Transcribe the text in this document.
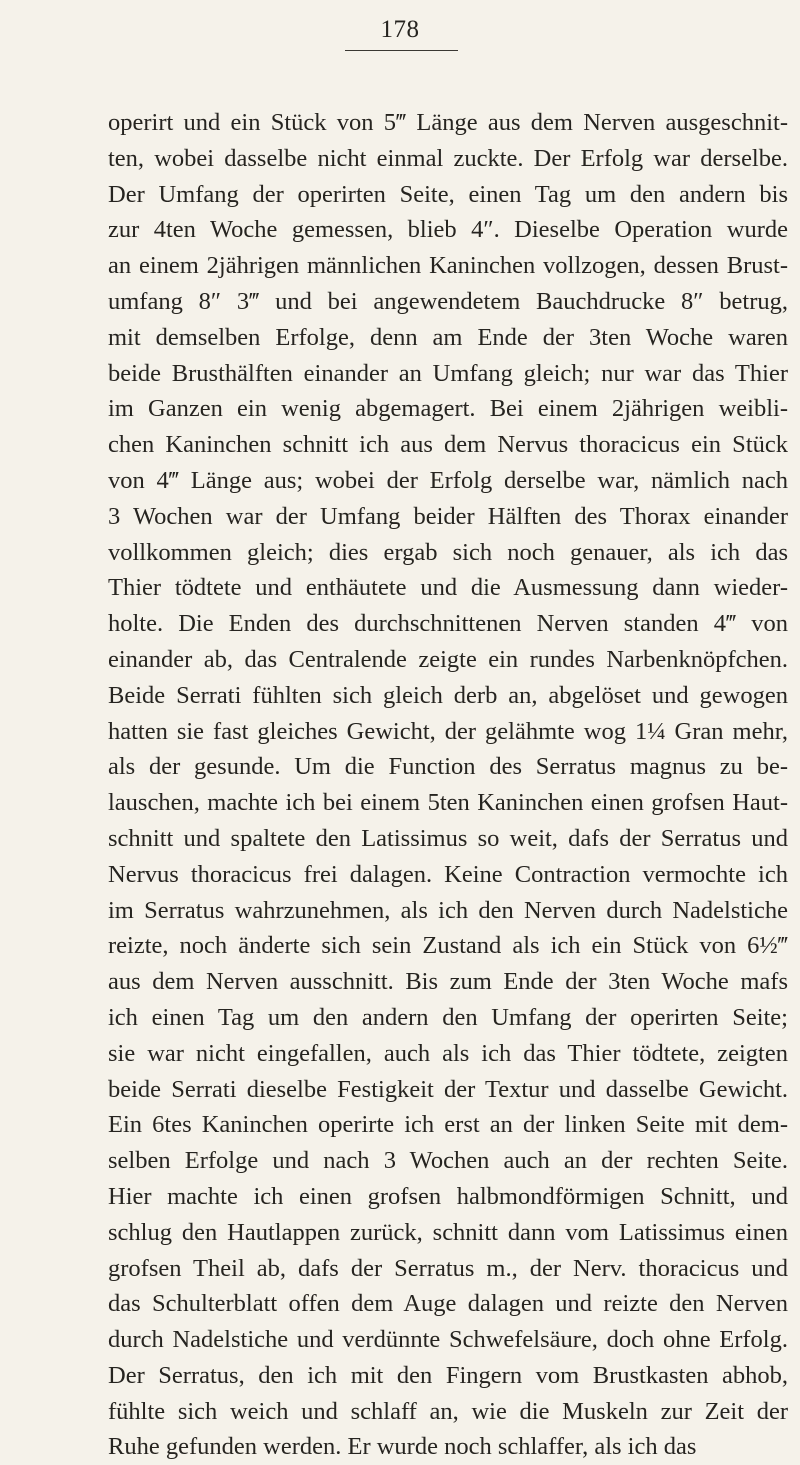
178
operirt und ein Stück von 5‴ Länge aus dem Nerven ausgeschnit-
ten, wobei dasselbe nicht einmal zuckte. Der Erfolg war derselbe.
Der Umfang der operirten Seite, einen Tag um den andern bis
zur 4ten Woche gemessen, blieb 4″. Dieselbe Operation wurde
an einem 2jährigen männlichen Kaninchen vollzogen, dessen Brust-
umfang 8″ 3‴ und bei angewendetem Bauchdrucke 8″ betrug,
mit demselben Erfolge, denn am Ende der 3ten Woche waren
beide Brusthälften einander an Umfang gleich; nur war das Thier
im Ganzen ein wenig abgemagert. Bei einem 2jährigen weibli-
chen Kaninchen schnitt ich aus dem Nervus thoracicus ein Stück
von 4‴ Länge aus; wobei der Erfolg derselbe war, nämlich nach
3 Wochen war der Umfang beider Hälften des Thorax einander
vollkommen gleich; dies ergab sich noch genauer, als ich das
Thier tödtete und enthäutete und die Ausmessung dann wieder-
holte. Die Enden des durchschnittenen Nerven standen 4‴ von
einander ab, das Centralende zeigte ein rundes Narbenknöpfchen.
Beide Serrati fühlten sich gleich derb an, abgelöset und gewogen
hatten sie fast gleiches Gewicht, der gelähmte wog 1¼ Gran mehr,
als der gesunde. Um die Function des Serratus magnus zu be-
lauschen, machte ich bei einem 5ten Kaninchen einen grofsen Haut-
schnitt und spaltete den Latissimus so weit, dafs der Serratus und
Nervus thoracicus frei dalagen. Keine Contraction vermochte ich
im Serratus wahrzunehmen, als ich den Nerven durch Nadelstiche
reizte, noch änderte sich sein Zustand als ich ein Stück von 6½‴
aus dem Nerven ausschnitt. Bis zum Ende der 3ten Woche mafs
ich einen Tag um den andern den Umfang der operirten Seite;
sie war nicht eingefallen, auch als ich das Thier tödtete, zeigten
beide Serrati dieselbe Festigkeit der Textur und dasselbe Gewicht.
Ein 6tes Kaninchen operirte ich erst an der linken Seite mit dem-
selben Erfolge und nach 3 Wochen auch an der rechten Seite.
Hier machte ich einen grofsen halbmondförmigen Schnitt, und
schlug den Hautlappen zurück, schnitt dann vom Latissimus einen
grofsen Theil ab, dafs der Serratus m., der Nerv. thoracicus und
das Schulterblatt offen dem Auge dalagen und reizte den Nerven
durch Nadelstiche und verdünnte Schwefelsäure, doch ohne Erfolg.
Der Serratus, den ich mit den Fingern vom Brustkasten abhob,
fühlte sich weich und schlaff an, wie die Muskeln zur Zeit der
Ruhe gefunden werden. Er wurde noch schlaffer, als ich das
